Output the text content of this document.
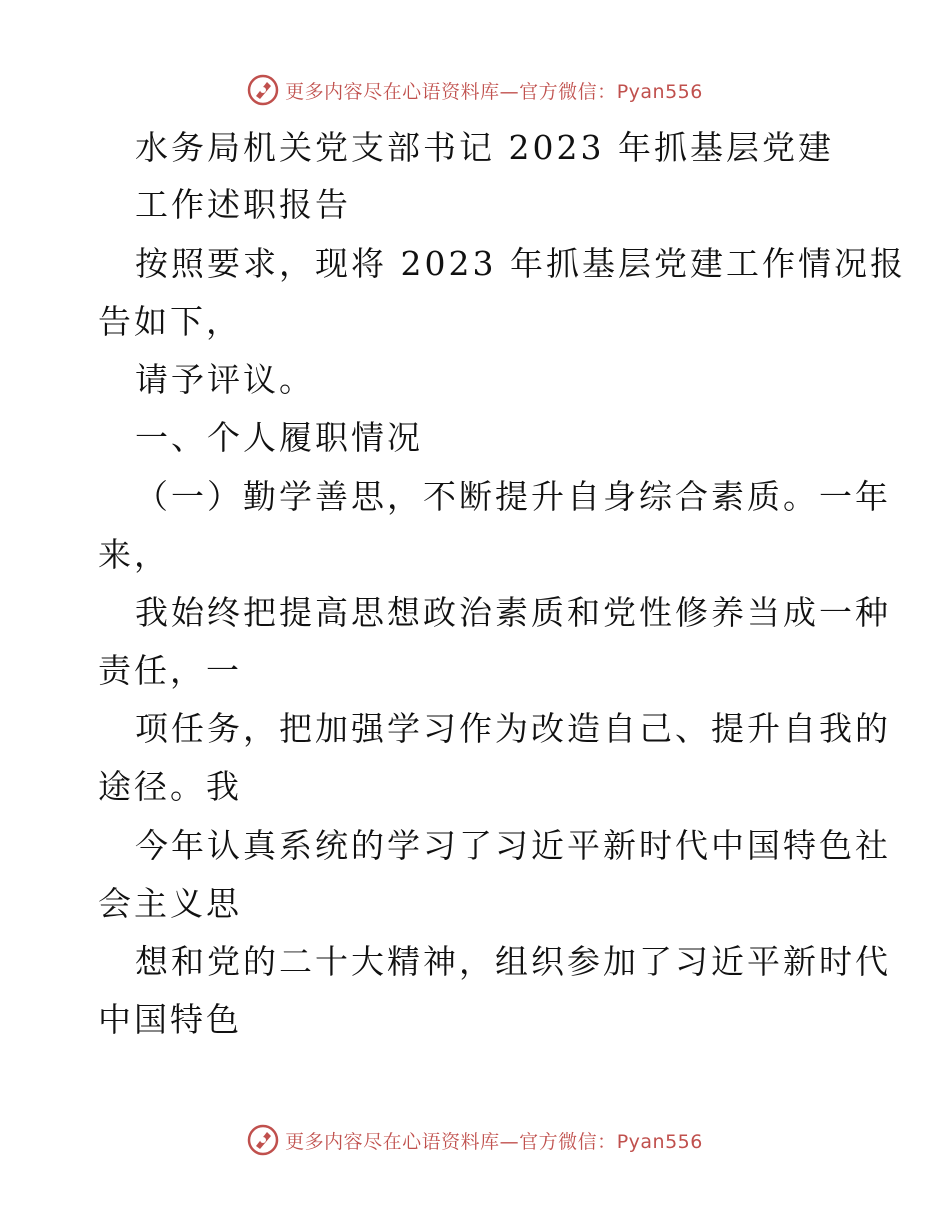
更多内容尽在心语资料库—官方微信：Pyan556
水务局机关党支部书记 2023 年抓基层党建
工作述职报告
按照要求，现将 2023 年抓基层党建工作情况报
告如下，
请予评议。
一、个人履职情况
（一）勤学善思，不断提升自身综合素质。一年
来，
我始终把提高思想政治素质和党性修养当成一种
责任，一
项任务，把加强学习作为改造自己、提升自我的
途径。我
今年认真系统的学习了习近平新时代中国特色社
会主义思
想和党的二十大精神，组织参加了习近平新时代
中国特色
更多内容尽在心语资料库—官方微信：Pyan556
